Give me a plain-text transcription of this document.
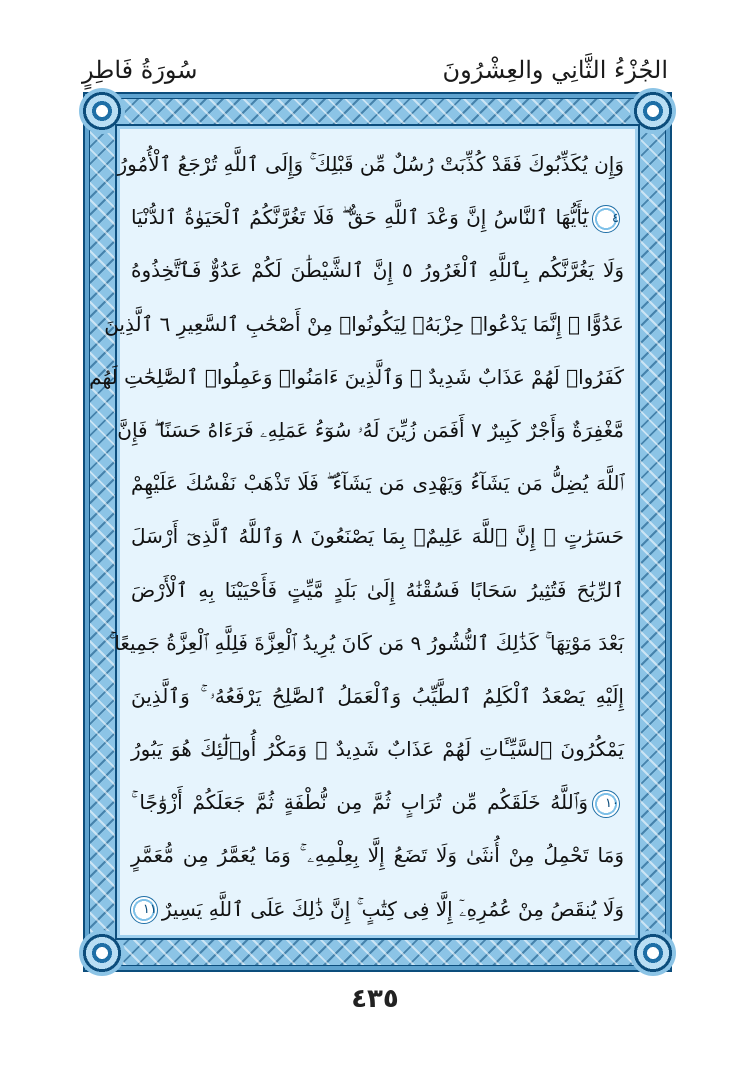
الجُزْءُ الثَّانِي والعِشْرُونَ
سُورَةُ فَاطِرٍ
وَإِن يُكَذِّبُوكَ فَقَدْ كُذِّبَتْ رُسُلٌ مِّن قَبْلِكَ ۚ وَإِلَى ٱللَّهِ تُرْجَعُ ٱلْأُمُورُ
٤يَٰٓأَيُّهَا ٱلنَّاسُ إِنَّ وَعْدَ ٱللَّهِ حَقٌّ ۖ فَلَا تَغُرَّنَّكُمُ ٱلْحَيَوٰةُ ٱلدُّنْيَا
وَلَا يَغُرَّنَّكُم بِٱللَّهِ ٱلْغَرُورُ ٥ إِنَّ ٱلشَّيْطَٰنَ لَكُمْ عَدُوٌّ فَٱتَّخِذُوهُ
عَدُوًّا ۚ إِنَّمَا يَدْعُوا۟ حِزْبَهُۥ لِيَكُونُوا۟ مِنْ أَصْحَٰبِ ٱلسَّعِيرِ ٦ ٱلَّذِينَ
كَفَرُوا۟ لَهُمْ عَذَابٌ شَدِيدٌ ۖ وَٱلَّذِينَ ءَامَنُوا۟ وَعَمِلُوا۟ ٱلصَّٰلِحَٰتِ لَهُم
مَّغْفِرَةٌ وَأَجْرٌ كَبِيرٌ ٧ أَفَمَن زُيِّنَ لَهُۥ سُوٓءُ عَمَلِهِۦ فَرَءَاهُ حَسَنًا ۖ فَإِنَّ
ٱللَّهَ يُضِلُّ مَن يَشَآءُ وَيَهْدِى مَن يَشَآءُ ۖ فَلَا تَذْهَبْ نَفْسُكَ عَلَيْهِمْ
حَسَرَٰتٍ ۚ إِنَّ ٱللَّهَ عَلِيمٌۢ بِمَا يَصْنَعُونَ ٨ وَٱللَّهُ ٱلَّذِىٓ أَرْسَلَ
ٱلرِّيَٰحَ فَتُثِيرُ سَحَابًا فَسُقْنَٰهُ إِلَىٰ بَلَدٍ مَّيِّتٍ فَأَحْيَيْنَا بِهِ ٱلْأَرْضَ
بَعْدَ مَوْتِهَا ۚ كَذَٰلِكَ ٱلنُّشُورُ ٩ مَن كَانَ يُرِيدُ ٱلْعِزَّةَ فَلِلَّهِ ٱلْعِزَّةُ جَمِيعًا ۚ
إِلَيْهِ يَصْعَدُ ٱلْكَلِمُ ٱلطَّيِّبُ وَٱلْعَمَلُ ٱلصَّٰلِحُ يَرْفَعُهُۥ ۚ وَٱلَّذِينَ
يَمْكُرُونَ ٱلسَّيِّـَٔاتِ لَهُمْ عَذَابٌ شَدِيدٌ ۖ وَمَكْرُ أُو۟لَٰٓئِكَ هُوَ يَبُورُ
١٠وَٱللَّهُ خَلَقَكُم مِّن تُرَابٍ ثُمَّ مِن نُّطْفَةٍ ثُمَّ جَعَلَكُمْ أَزْوَٰجًا ۚ
وَمَا تَحْمِلُ مِنْ أُنثَىٰ وَلَا تَضَعُ إِلَّا بِعِلْمِهِۦ ۚ وَمَا يُعَمَّرُ مِن مُّعَمَّرٍ
وَلَا يُنقَصُ مِنْ عُمُرِهِۦٓ إِلَّا فِى كِتَٰبٍ ۚ إِنَّ ذَٰلِكَ عَلَى ٱللَّهِ يَسِيرٌ١١
٤٣٥
